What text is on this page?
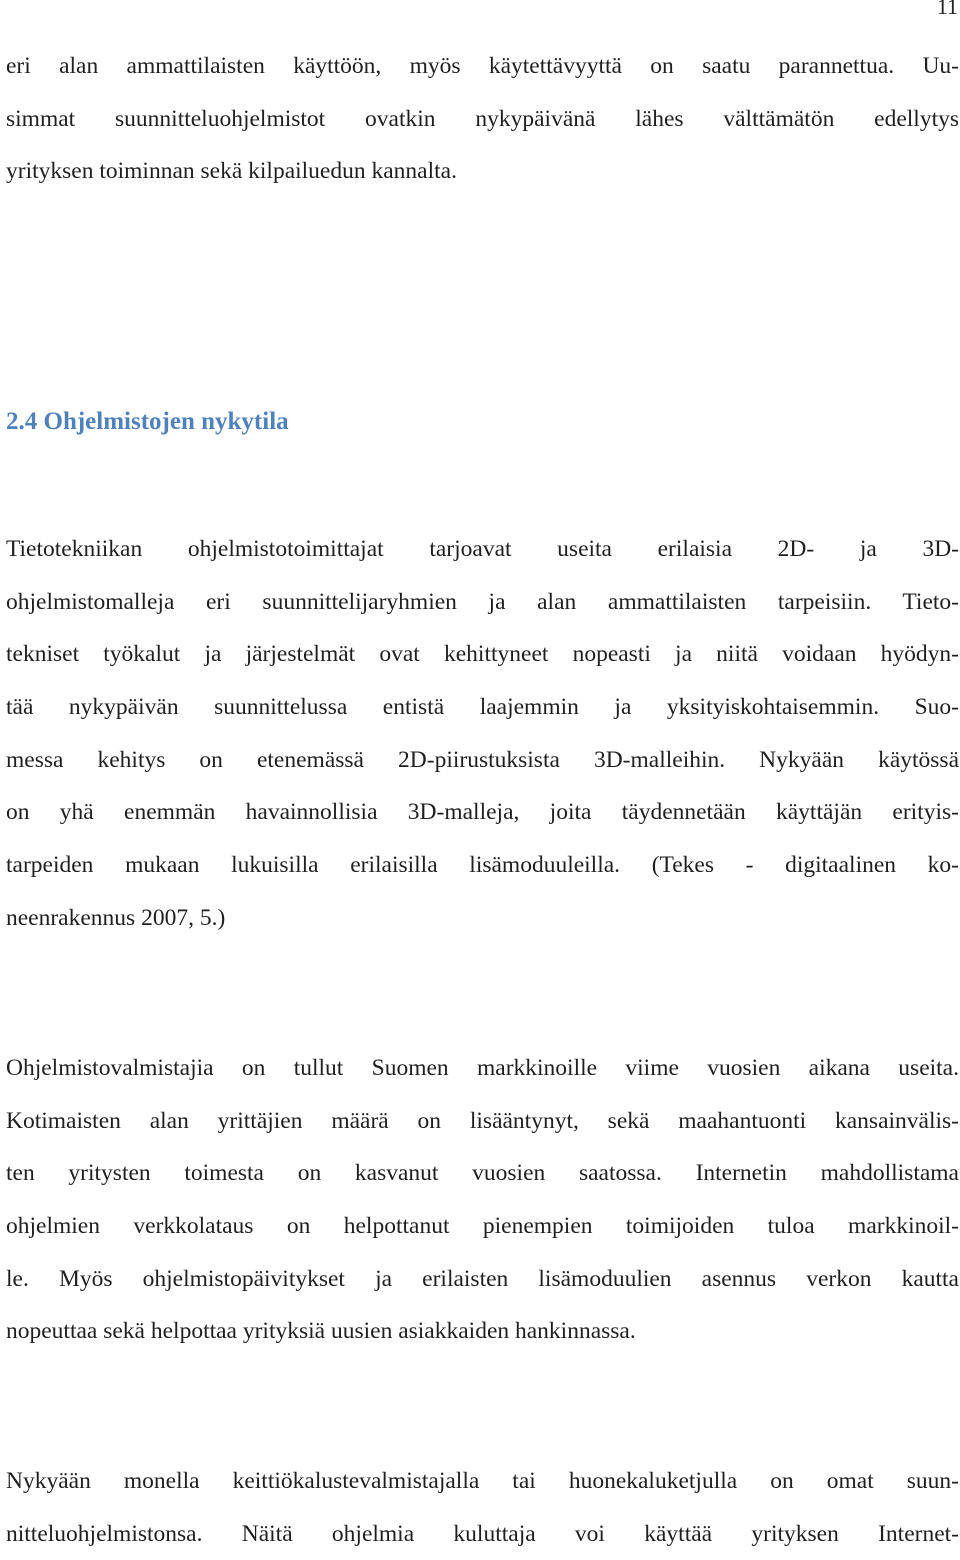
11

eri alan ammattilaisten käyttöön, myös käytettävyyttä on saatu parannettua. Uu-
simmat suunnitteluohjelmistot ovatkin nykypäivänä lähes välttämätön edellytys
yrityksen toiminnan sekä kilpailuedun kannalta.

2.4 Ohjelmistojen nykytila

Tietotekniikan ohjelmistotoimittajat tarjoavat useita erilaisia 2D- ja 3D-
ohjelmistomalleja eri suunnittelijaryhmien ja alan ammattilaisten tarpeisiin. Tieto-
tekniset työkalut ja järjestelmät ovat kehittyneet nopeasti ja niitä voidaan hyödyn-
tää nykypäivän suunnittelussa entistä laajemmin ja yksityiskohtaisemmin. Suo-
messa kehitys on etenemässä 2D-piirustuksista 3D-malleihin. Nykyään käytössä
on yhä enemmän havainnollisia 3D-malleja, joita täydennetään käyttäjän erityis-
tarpeiden mukaan lukuisilla erilaisilla lisämoduuleilla. (Tekes - digitaalinen ko-
neenrakennus 2007, 5.)

Ohjelmistovalmistajia on tullut Suomen markkinoille viime vuosien aikana useita.
Kotimaisten alan yrittäjien määrä on lisääntynyt, sekä maahantuonti kansainvälis-
ten yritysten toimesta on kasvanut vuosien saatossa. Internetin mahdollistama
ohjelmien verkkolataus on helpottanut pienempien toimijoiden tuloa markkinoil-
le. Myös ohjelmistopäivitykset ja erilaisten lisämoduulien asennus verkon kautta
nopeuttaa sekä helpottaa yrityksiä uusien asiakkaiden hankinnassa.

Nykyään monella keittiökalustevalmistajalla tai huonekaluketjulla on omat suun-
nitteluohjelmistonsa. Näitä ohjelmia kuluttaja voi käyttää yrityksen Internet-
